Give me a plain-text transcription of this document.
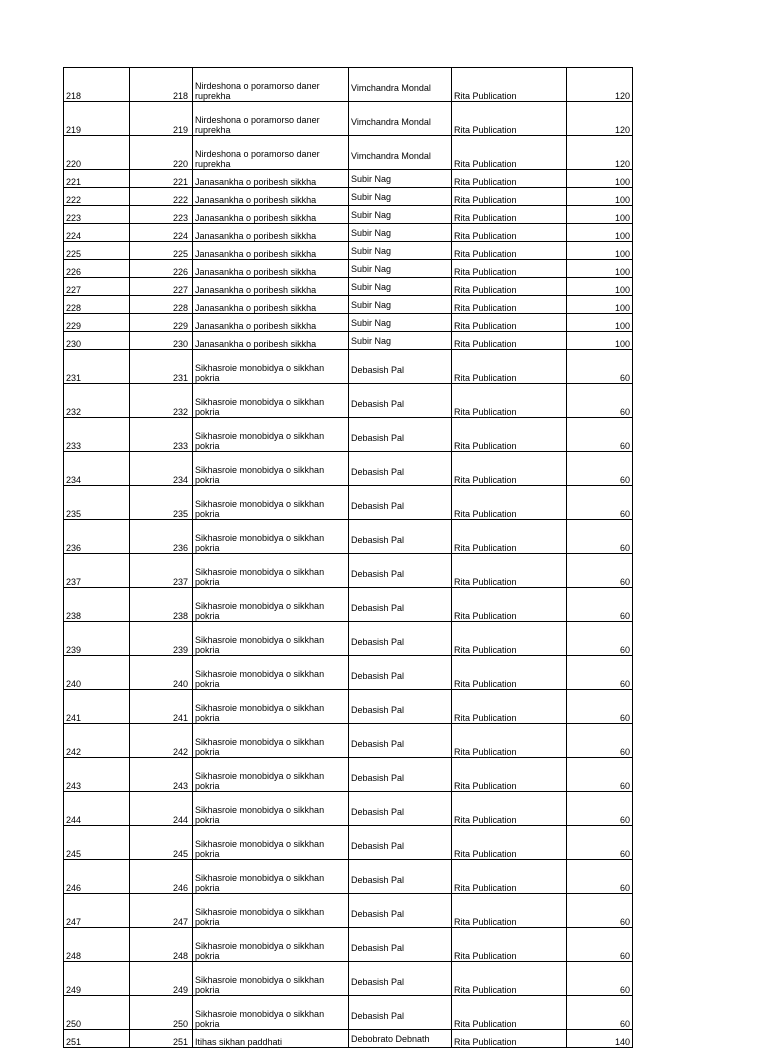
218	218	Nirdeshona o poramorso daner ruprekha	Vimchandra Mondal	Rita Publication	120
219	219	Nirdeshona o poramorso daner ruprekha	Vimchandra Mondal	Rita Publication	120
220	220	Nirdeshona o poramorso daner ruprekha	Vimchandra Mondal	Rita Publication	120
221	221	Janasankha o poribesh sikkha	Subir Nag	Rita Publication	100
222	222	Janasankha o poribesh sikkha	Subir Nag	Rita Publication	100
223	223	Janasankha o poribesh sikkha	Subir Nag	Rita Publication	100
224	224	Janasankha o poribesh sikkha	Subir Nag	Rita Publication	100
225	225	Janasankha o poribesh sikkha	Subir Nag	Rita Publication	100
226	226	Janasankha o poribesh sikkha	Subir Nag	Rita Publication	100
227	227	Janasankha o poribesh sikkha	Subir Nag	Rita Publication	100
228	228	Janasankha o poribesh sikkha	Subir Nag	Rita Publication	100
229	229	Janasankha o poribesh sikkha	Subir Nag	Rita Publication	100
230	230	Janasankha o poribesh sikkha	Subir Nag	Rita Publication	100
231	231	Sikhasroie monobidya o sikkhan pokria	Debasish Pal	Rita Publication	60
232	232	Sikhasroie monobidya o sikkhan pokria	Debasish Pal	Rita Publication	60
233	233	Sikhasroie monobidya o sikkhan pokria	Debasish Pal	Rita Publication	60
234	234	Sikhasroie monobidya o sikkhan pokria	Debasish Pal	Rita Publication	60
235	235	Sikhasroie monobidya o sikkhan pokria	Debasish Pal	Rita Publication	60
236	236	Sikhasroie monobidya o sikkhan pokria	Debasish Pal	Rita Publication	60
237	237	Sikhasroie monobidya o sikkhan pokria	Debasish Pal	Rita Publication	60
238	238	Sikhasroie monobidya o sikkhan pokria	Debasish Pal	Rita Publication	60
239	239	Sikhasroie monobidya o sikkhan pokria	Debasish Pal	Rita Publication	60
240	240	Sikhasroie monobidya o sikkhan pokria	Debasish Pal	Rita Publication	60
241	241	Sikhasroie monobidya o sikkhan pokria	Debasish Pal	Rita Publication	60
242	242	Sikhasroie monobidya o sikkhan pokria	Debasish Pal	Rita Publication	60
243	243	Sikhasroie monobidya o sikkhan pokria	Debasish Pal	Rita Publication	60
244	244	Sikhasroie monobidya o sikkhan pokria	Debasish Pal	Rita Publication	60
245	245	Sikhasroie monobidya o sikkhan pokria	Debasish Pal	Rita Publication	60
246	246	Sikhasroie monobidya o sikkhan pokria	Debasish Pal	Rita Publication	60
247	247	Sikhasroie monobidya o sikkhan pokria	Debasish Pal	Rita Publication	60
248	248	Sikhasroie monobidya o sikkhan pokria	Debasish Pal	Rita Publication	60
249	249	Sikhasroie monobidya o sikkhan pokria	Debasish Pal	Rita Publication	60
250	250	Sikhasroie monobidya o sikkhan pokria	Debasish Pal	Rita Publication	60
251	251	Itihas sikhan paddhati	Debobrato Debnath	Rita Publication	140
